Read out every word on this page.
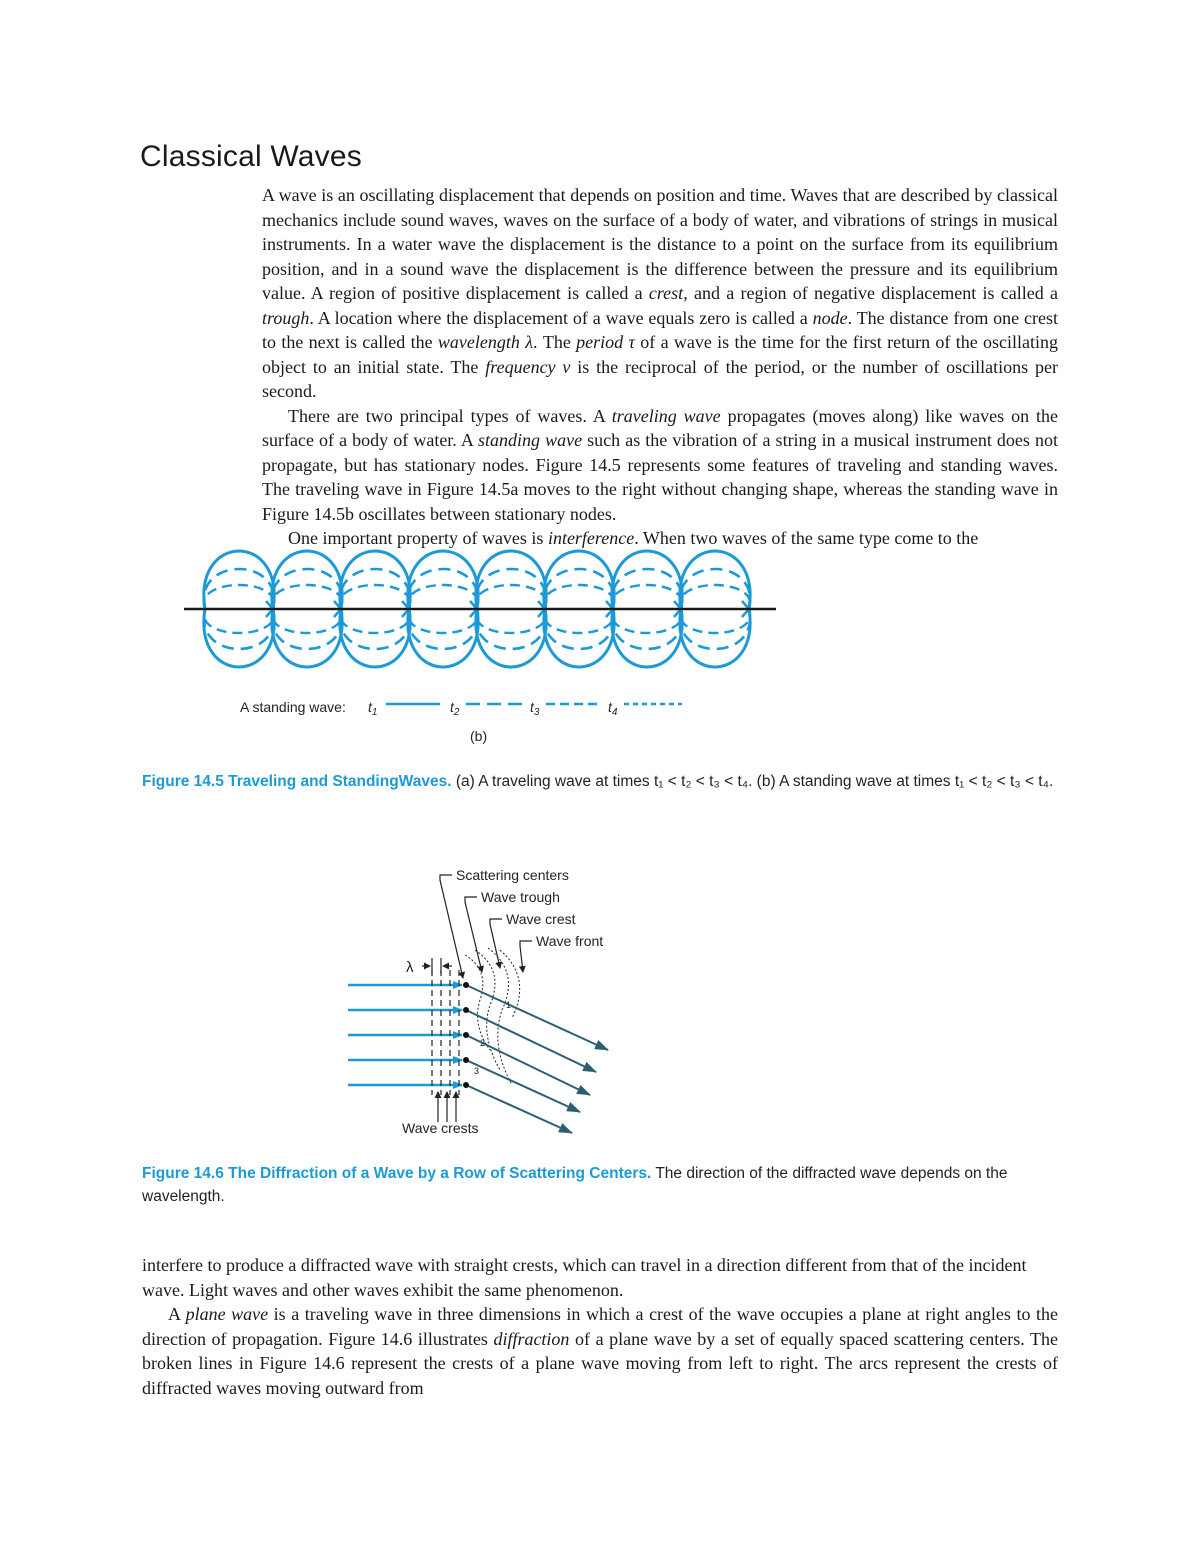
Classical Waves

A wave is an oscillating displacement that depends on position and time. Waves that are described by classical mechanics include sound waves, waves on the surface of a body of water, and vibrations of strings in musical instruments. In a water wave the displacement is the distance to a point on the surface from its equilibrium position, and in a sound wave the displacement is the difference between the pressure and its equilibrium value. A region of positive displacement is called a crest, and a region of negative displacement is called a trough. A location where the displacement of a wave equals zero is called a node. The distance from one crest to the next is called the wavelength λ. The period τ of a wave is the time for the first return of the oscillating object to an initial state. The frequency ν is the reciprocal of the period, or the number of oscillations per second.

There are two principal types of waves. A traveling wave propagates (moves along) like waves on the surface of a body of water. A standing wave such as the vibration of a string in a musical instrument does not propagate, but has stationary nodes. Figure 14.5 represents some features of traveling and standing waves. The traveling wave in Figure 14.5a moves to the right without changing shape, whereas the standing wave in Figure 14.5b oscillates between stationary nodes.

One important property of waves is interference. When two waves of the same type come to the

A standing wave: $t_1$	$t_2$	$t_3$	$t_4$
(b)
Figure 14.5 Traveling and StandingWaves. (a) A traveling wave at times t₁ < t₂ < t₃ < t₄. (b) A standing wave at times t₁ < t₂ < t₃ < t₄.
λ
Scattering centers
Wave trough
Wave crest
Wave front
1
2
3
Wave crests
Figure 14.6 The Diffraction of a Wave by a Row of Scattering Centers. The direction of the diffracted wave depends on the wavelength.

interfere to produce a diffracted wave with straight crests, which can travel in a direction different from that of the incident wave. Light waves and other waves exhibit the same phenomenon.

A plane wave is a traveling wave in three dimensions in which a crest of the wave occupies a plane at right angles to the direction of propagation. Figure 14.6 illustrates diffraction of a plane wave by a set of equally spaced scattering centers. The broken lines in Figure 14.6 represent the crests of a plane wave moving from left to right. The arcs represent the crests of diffracted waves moving outward from
